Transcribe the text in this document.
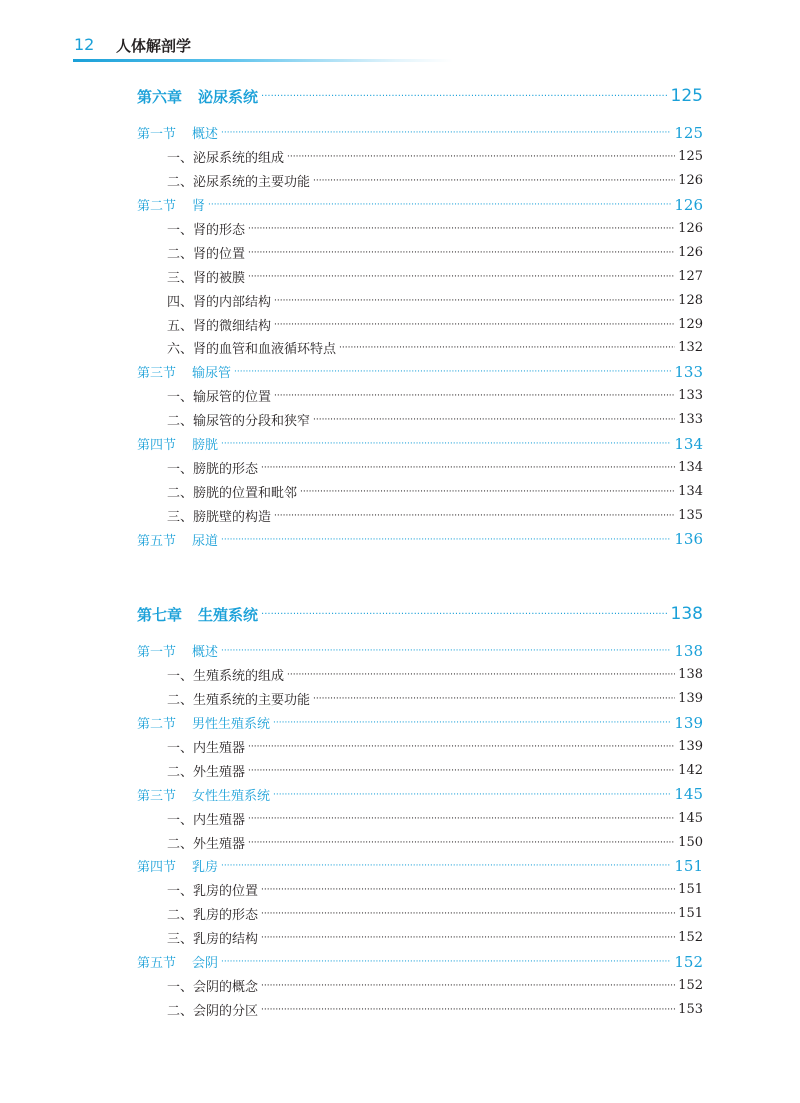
12 人体解剖学
第六章 泌尿系统 ·····	125
第一节 概述 ·····	125
一、泌尿系统的组成 ·····	125
二、泌尿系统的主要功能 ·····	126
第二节 肾 ·····	126
一、肾的形态 ·····	126
二、肾的位置 ·····	126
三、肾的被膜 ·····	127
四、肾的内部结构 ·····	128
五、肾的微细结构 ·····	129
六、肾的血管和血液循环特点 ·····	132
第三节 输尿管 ·····	133
一、输尿管的位置 ·····	133
二、输尿管的分段和狭窄 ·····	133
第四节 膀胱 ·····	134
一、膀胱的形态 ·····	134
二、膀胱的位置和毗邻 ·····	134
三、膀胱壁的构造 ·····	135
第五节 尿道 ·····	136
第七章 生殖系统 ·····	138
第一节 概述 ·····	138
一、生殖系统的组成 ·····	138
二、生殖系统的主要功能 ·····	139
第二节 男性生殖系统 ·····	139
一、内生殖器 ·····	139
二、外生殖器 ·····	142
第三节 女性生殖系统 ·····	145
一、内生殖器 ·····	145
二、外生殖器 ·····	150
第四节 乳房 ·····	151
一、乳房的位置 ·····	151
二、乳房的形态 ·····	151
三、乳房的结构 ·····	152
第五节 会阴 ·····	152
一、会阴的概念 ·····	152
二、会阴的分区 ·····	153
